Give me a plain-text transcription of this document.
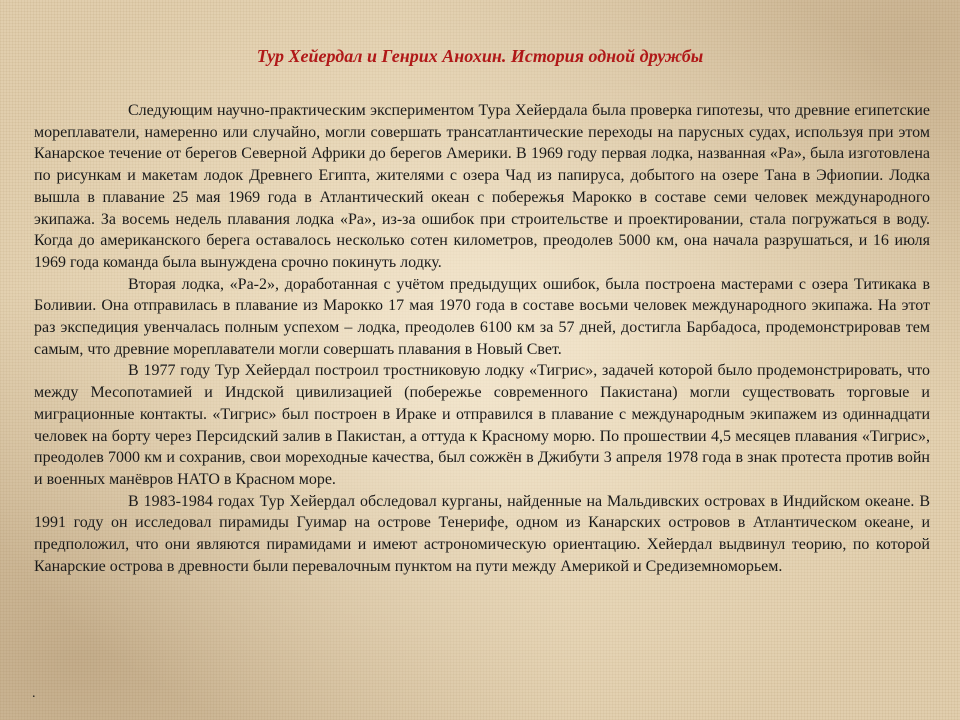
Тур Хейердал и Генрих Анохин. История одной дружбы

Следующим научно-практическим экспериментом Тура Хейердала была проверка гипотезы, что древние египетские мореплаватели, намеренно или случайно, могли совершать трансатлантические переходы на парусных судах, используя при этом Канарское течение от берегов Северной Африки до берегов Америки. В 1969 году первая лодка, названная «Ра», была изготовлена по рисункам и макетам лодок Древнего Египта, жителями с озера Чад из папируса, добытого на озере Тана в Эфиопии. Лодка вышла в плавание 25 мая 1969 года в Атлантический океан с побережья Марокко в составе семи человек международного экипажа. За восемь недель плавания лодка «Ра», из-за ошибок при строительстве и проектировании, стала погружаться в воду. Когда до американского берега оставалось несколько сотен километров, преодолев 5000 км, она начала разрушаться, и 16 июля 1969 года команда была вынуждена срочно покинуть лодку.

Вторая лодка, «Ра-2», доработанная с учётом предыдущих ошибок, была построена мастерами с озера Титикака в Боливии. Она отправилась в плавание из Марокко 17 мая 1970 года в составе восьми человек международного экипажа. На этот раз экспедиция увенчалась полным успехом – лодка, преодолев 6100 км за 57 дней, достигла Барбадоса, продемонстрировав тем самым, что древние мореплаватели могли совершать плавания в Новый Свет.

В 1977 году Тур Хейердал построил тростниковую лодку «Тигрис», задачей которой было продемонстрировать, что между Месопотамией и Индской цивилизацией (побережье современного Пакистана) могли существовать торговые и миграционные контакты. «Тигрис» был построен в Ираке и отправился в плавание с международным экипажем из одиннадцати человек на борту через Персидский залив в Пакистан, а оттуда к Красному морю. По прошествии 4,5 месяцев плавания «Тигрис», преодолев 7000 км и сохранив, свои мореходные качества, был сожжён в Джибути 3 апреля 1978 года в знак протеста против войн и военных манёвров НАТО в Красном море.

В 1983-1984 годах Тур Хейердал обследовал курганы, найденные на Мальдивских островах в Индийском океане. В 1991 году он исследовал пирамиды Гуимар на острове Тенерифе, одном из Канарских островов в Атлантическом океане, и предположил, что они являются пирамидами и имеют астрономическую ориентацию. Хейердал выдвинул теорию, по которой Канарские острова в древности были перевалочным пунктом на пути между Америкой и Средиземноморьем.

.
